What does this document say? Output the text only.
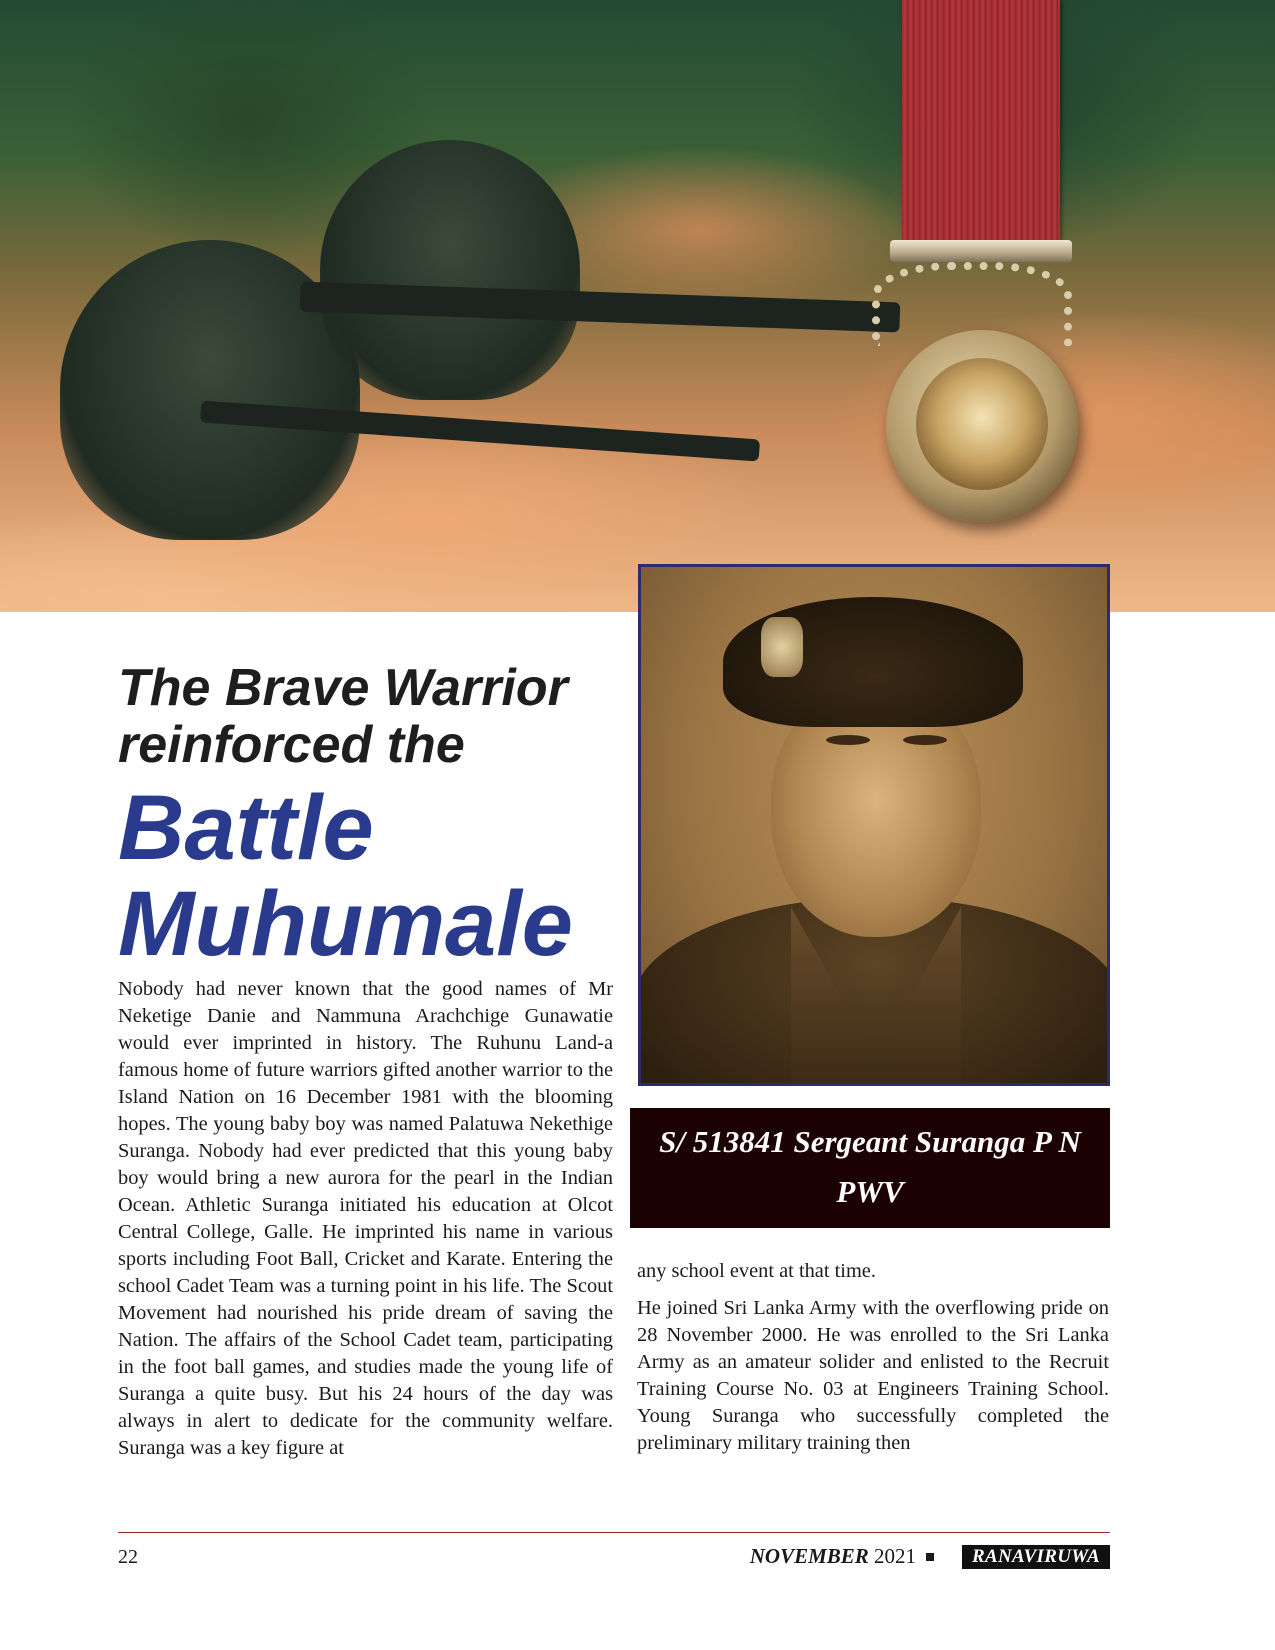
The Brave Warrior
reinforced the
Battle
Muhumale
S/ 513841 Sergeant Suranga P N
PWV

Nobody had never known that the good names of Mr Neketige Danie and Nammuna Arachchige Gunawatie would ever imprinted in history. The Ruhunu Land-a famous home of future warriors gifted another warrior to the Island Nation on 16 December 1981 with the blooming hopes. The young baby boy was named Palatuwa Nekethige Suranga. Nobody had ever predicted that this young baby boy would bring a new aurora for the pearl in the Indian Ocean. Athletic Suranga initiated his education at Olcot Central College, Galle. He imprinted his name in various sports including Foot Ball, Cricket and Karate. Entering the school Cadet Team was a turning point in his life. The Scout Movement had nourished his pride dream of saving the Nation. The affairs of the School Cadet team, participating in the foot ball games, and studies made the young life of Suranga a quite busy. But his 24 hours of the day was always in alert to dedicate for the community welfare. Suranga was a key figure at

any school event at that time.

He joined Sri Lanka Army with the overflowing pride on 28 November 2000. He was enrolled to the Sri Lanka Army as an amateur solider and enlisted to the Recruit Training Course No. 03 at Engineers Training School. Young Suranga who successfully completed the preliminary military training then

22	NOVEMBER 2021	RANAVIRUWA
